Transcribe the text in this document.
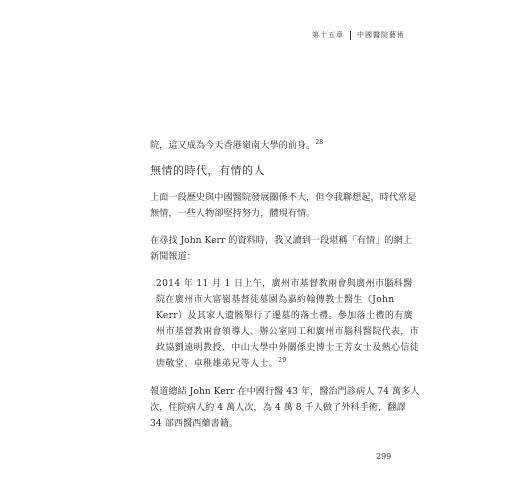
第十五章 中國醫院藝術

院，這又成為今天香港嶺南大學的前身。$^{28}$

無情的時代，有情的人

上面一段歷史與中國醫院發展關係不大，但令我聯想起，時代常是無情，一些人物卻堅持努力，體現有情。

在尋找 John Kerr 的資料時，我又讀到一段堪稱「有情」的網上新聞報道：

2014 年 11 月 1 日上午，廣州市基督教兩會與廣州市腦科醫院在廣州市大富嶺基督徒墓園為嘉約翰傳教士醫生（John Kerr）及其家人遺骸舉行了遷墓的落土禮。參加落土禮的有廣州市基督教兩會領導人、辦公室同工和廣州市腦科醫院代表，市政協劉遠明教授、中山大學中外關係史博士王芳女士及熱心信徒唐敬堂、卓稚雄弟兄等人士。$^{29}$

報道總結 John Kerr 在中國行醫 43 年，醫治門診病人 74 萬多人次，住院病人約 4 萬人次，為 4 萬 8 千人做了外科手術，翻譯 34 部西醫西藥書籍。

299
